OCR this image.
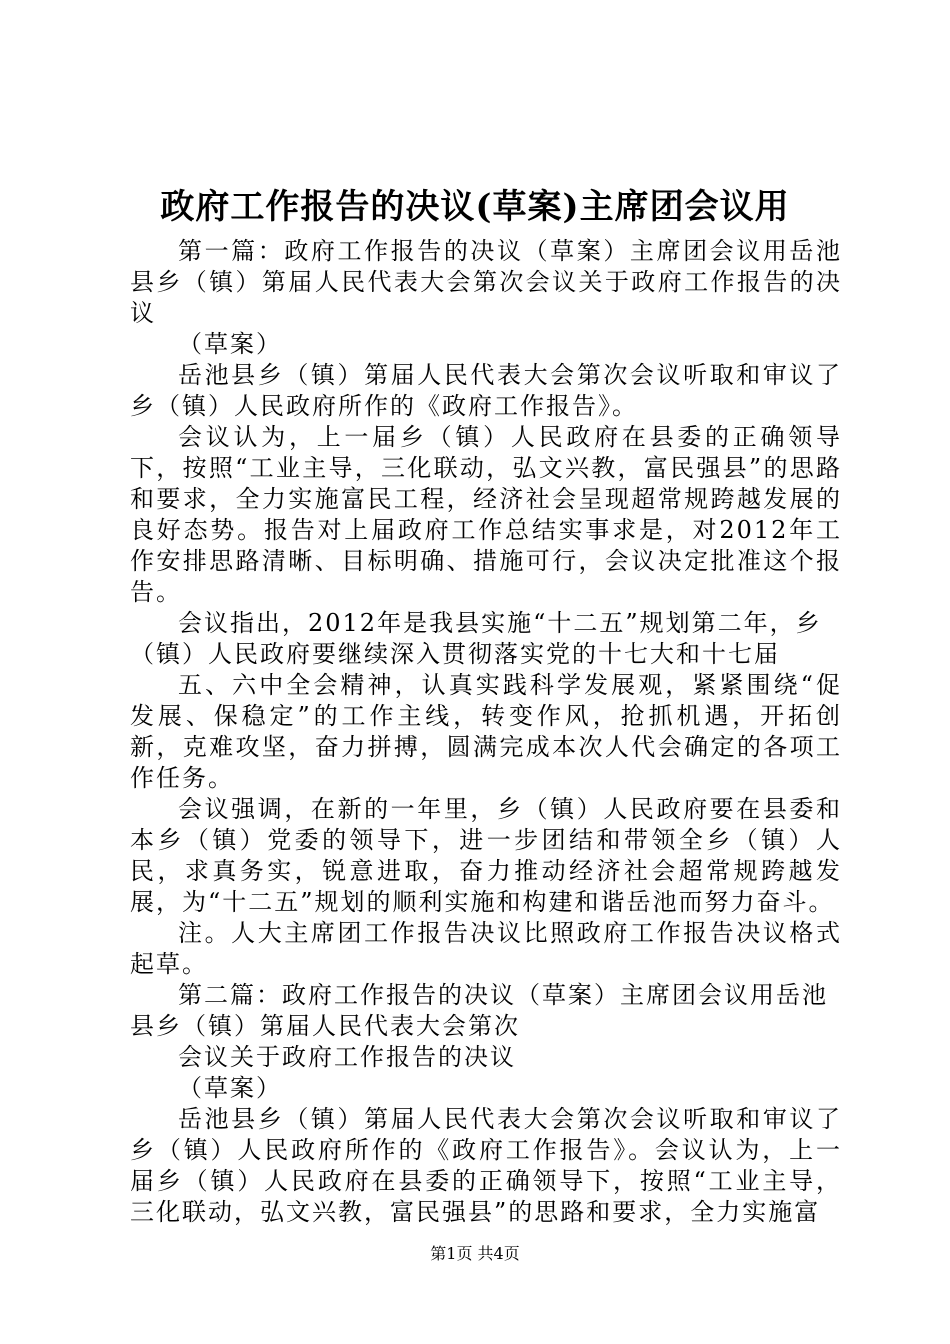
政府工作报告的决议(草案)主席团会议用

第一篇：政府工作报告的决议（草案）主席团会议用岳池县乡（镇）第届人民代表大会第次会议关于政府工作报告的决议

（草案）

岳池县乡（镇）第届人民代表大会第次会议听取和审议了乡（镇）人民政府所作的《政府工作报告》。

会议认为，上一届乡（镇）人民政府在县委的正确领导下，按照“工业主导，三化联动，弘文兴教，富民强县”的思路和要求，全力实施富民工程，经济社会呈现超常规跨越发展的良好态势。报告对上届政府工作总结实事求是，对2012年工作安排思路清晰、目标明确、措施可行，会议决定批准这个报告。

会议指出，2012年是我县实施“十二五”规划第二年，乡（镇）人民政府要继续深入贯彻落实党的十七大和十七届

五、六中全会精神，认真实践科学发展观，紧紧围绕“促发展、保稳定”的工作主线，转变作风，抢抓机遇，开拓创新，克难攻坚，奋力拼搏，圆满完成本次人代会确定的各项工作任务。

会议强调，在新的一年里，乡（镇）人民政府要在县委和本乡（镇）党委的领导下，进一步团结和带领全乡（镇）人民，求真务实，锐意进取，奋力推动经济社会超常规跨越发展，为“十二五”规划的顺利实施和构建和谐岳池而努力奋斗。

注。人大主席团工作报告决议比照政府工作报告决议格式起草。

第二篇：政府工作报告的决议（草案）主席团会议用岳池县乡（镇）第届人民代表大会第次

会议关于政府工作报告的决议

（草案）

岳池县乡（镇）第届人民代表大会第次会议听取和审议了乡（镇）人民政府所作的《政府工作报告》。会议认为，上一届乡（镇）人民政府在县委的正确领导下，按照“工业主导，三化联动，弘文兴教，富民强县”的思路和要求，全力实施富

第1页 共4页
